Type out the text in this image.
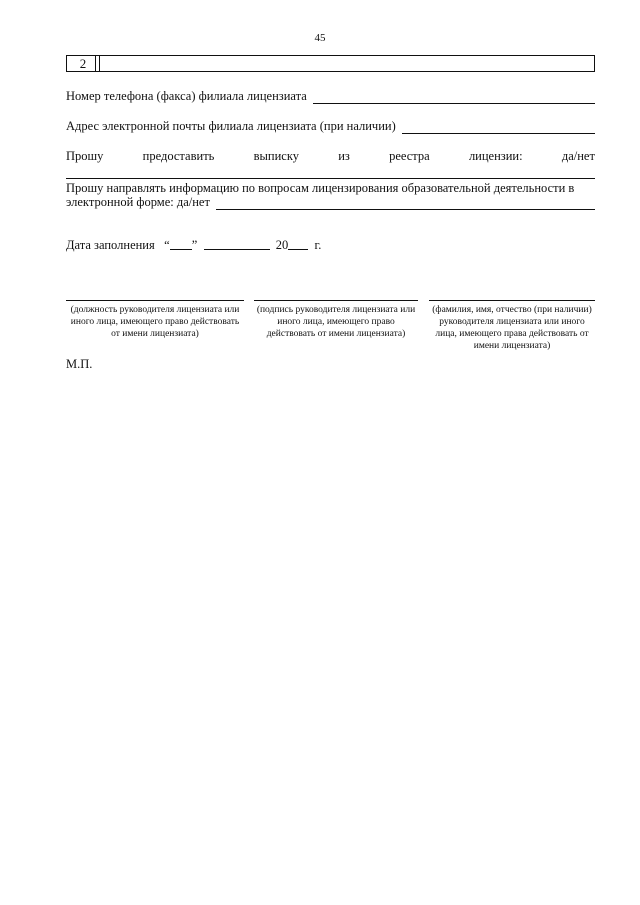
45
2
Номер телефона (факса) филиала лицензиата
Адрес электронной почты филиала лицензиата (при наличии)
Прошу	предоставить	выписку	из	реестра	лицензии:	да/нет
Прошу направлять информацию по вопросам лицензирования образовательной деятельности в
электронной форме: да/нет
Дата заполнения “ ”	20 г.
(должность руководителя лицензиата или иного лица, имеющего право действовать от имени лицензиата)
(подпись руководителя лицензиата или иного лица, имеющего право действовать от имени лицензиата)
(фамилия, имя, отчество (при наличии) руководителя лицензиата или иного лица, имеющего права действовать от имени лицензиата)
М.П.
